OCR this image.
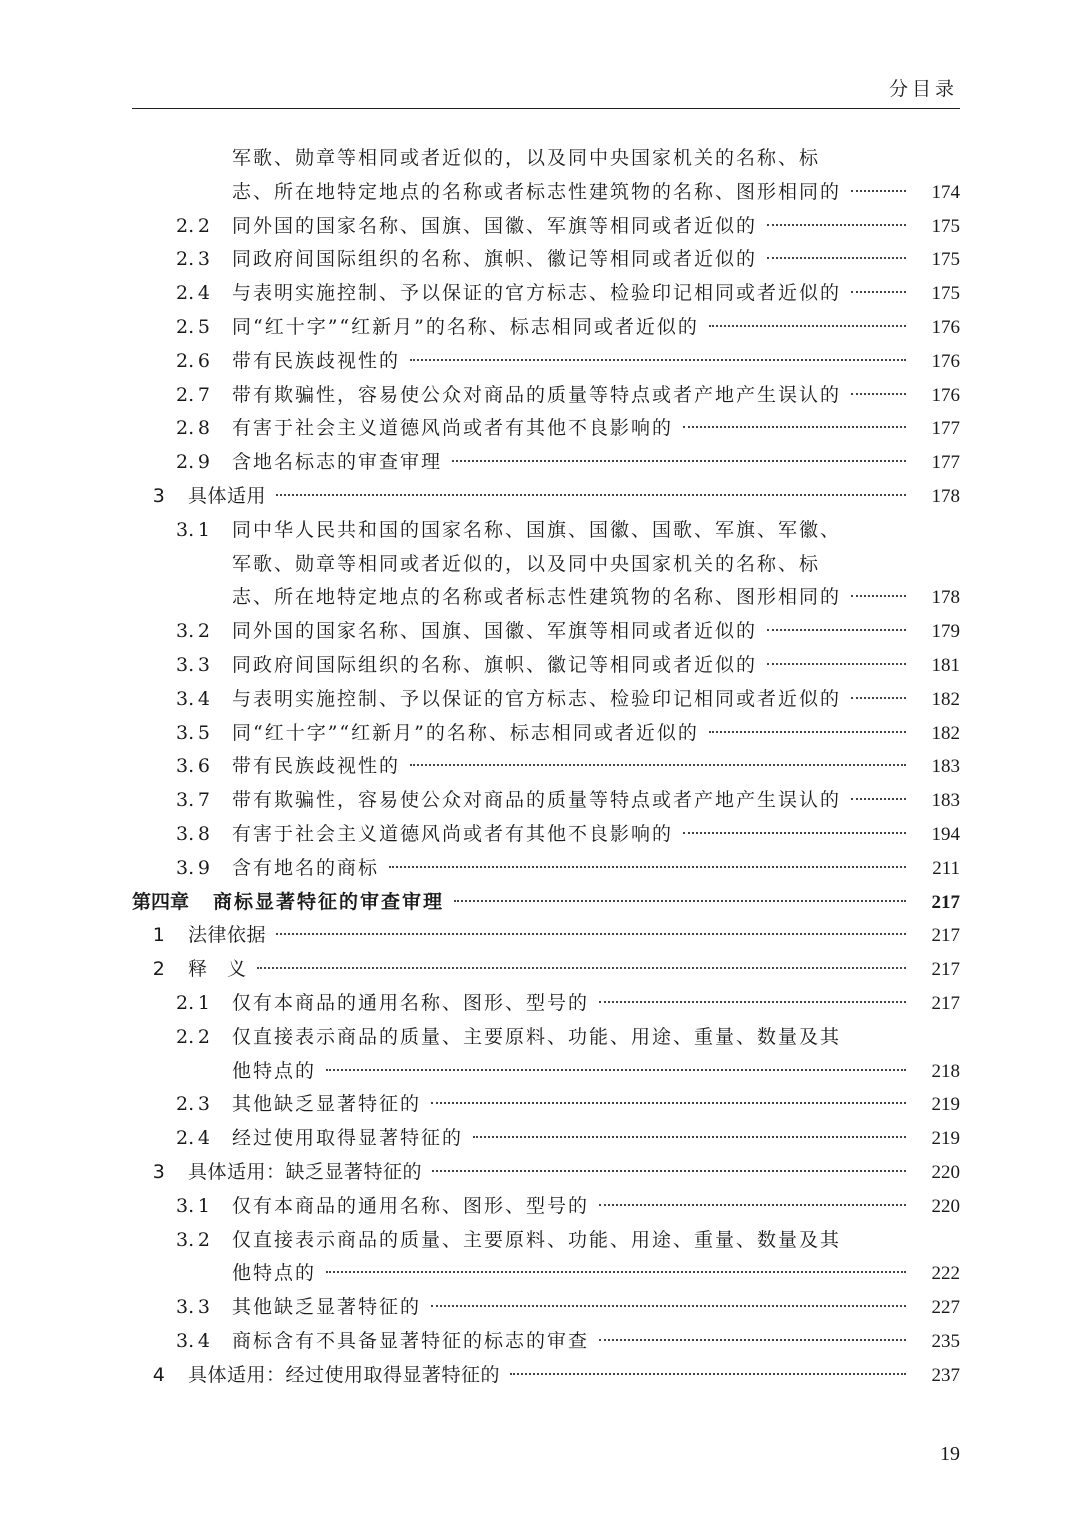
分目录
军歌、勋章等相同或者近似的，以及同中央国家机关的名称、标
志、所在地特定地点的名称或者标志性建筑物的名称、图形相同的	174
2. 2	同外国的国家名称、国旗、国徽、军旗等相同或者近似的	175
2. 3	同政府间国际组织的名称、旗帜、徽记等相同或者近似的	175
2. 4	与表明实施控制、予以保证的官方标志、检验印记相同或者近似的	175
2. 5	同“红十字”“红新月”的名称、标志相同或者近似的	176
2. 6	带有民族歧视性的	176
2. 7	带有欺骗性，容易使公众对商品的质量等特点或者产地产生误认的	176
2. 8	有害于社会主义道德风尚或者有其他不良影响的	177
2. 9	含地名标志的审查审理	177
3	具体适用	178
3. 1	同中华人民共和国的国家名称、国旗、国徽、国歌、军旗、军徽、
军歌、勋章等相同或者近似的，以及同中央国家机关的名称、标
志、所在地特定地点的名称或者标志性建筑物的名称、图形相同的	178
3. 2	同外国的国家名称、国旗、国徽、军旗等相同或者近似的	179
3. 3	同政府间国际组织的名称、旗帜、徽记等相同或者近似的	181
3. 4	与表明实施控制、予以保证的官方标志、检验印记相同或者近似的	182
3. 5	同“红十字”“红新月”的名称、标志相同或者近似的	182
3. 6	带有民族歧视性的	183
3. 7	带有欺骗性，容易使公众对商品的质量等特点或者产地产生误认的	183
3. 8	有害于社会主义道德风尚或者有其他不良影响的	194
3. 9	含有地名的商标	211
第四章 商标显著特征的审查审理	217
1	法律依据	217
2	释　义	217
2. 1	仅有本商品的通用名称、图形、型号的	217
2. 2	仅直接表示商品的质量、主要原料、功能、用途、重量、数量及其
他特点的	218
2. 3	其他缺乏显著特征的	219
2. 4	经过使用取得显著特征的	219
3	具体适用：缺乏显著特征的	220
3. 1	仅有本商品的通用名称、图形、型号的	220
3. 2	仅直接表示商品的质量、主要原料、功能、用途、重量、数量及其
他特点的	222
3. 3	其他缺乏显著特征的	227
3. 4	商标含有不具备显著特征的标志的审查	235
4	具体适用：经过使用取得显著特征的	237
19
